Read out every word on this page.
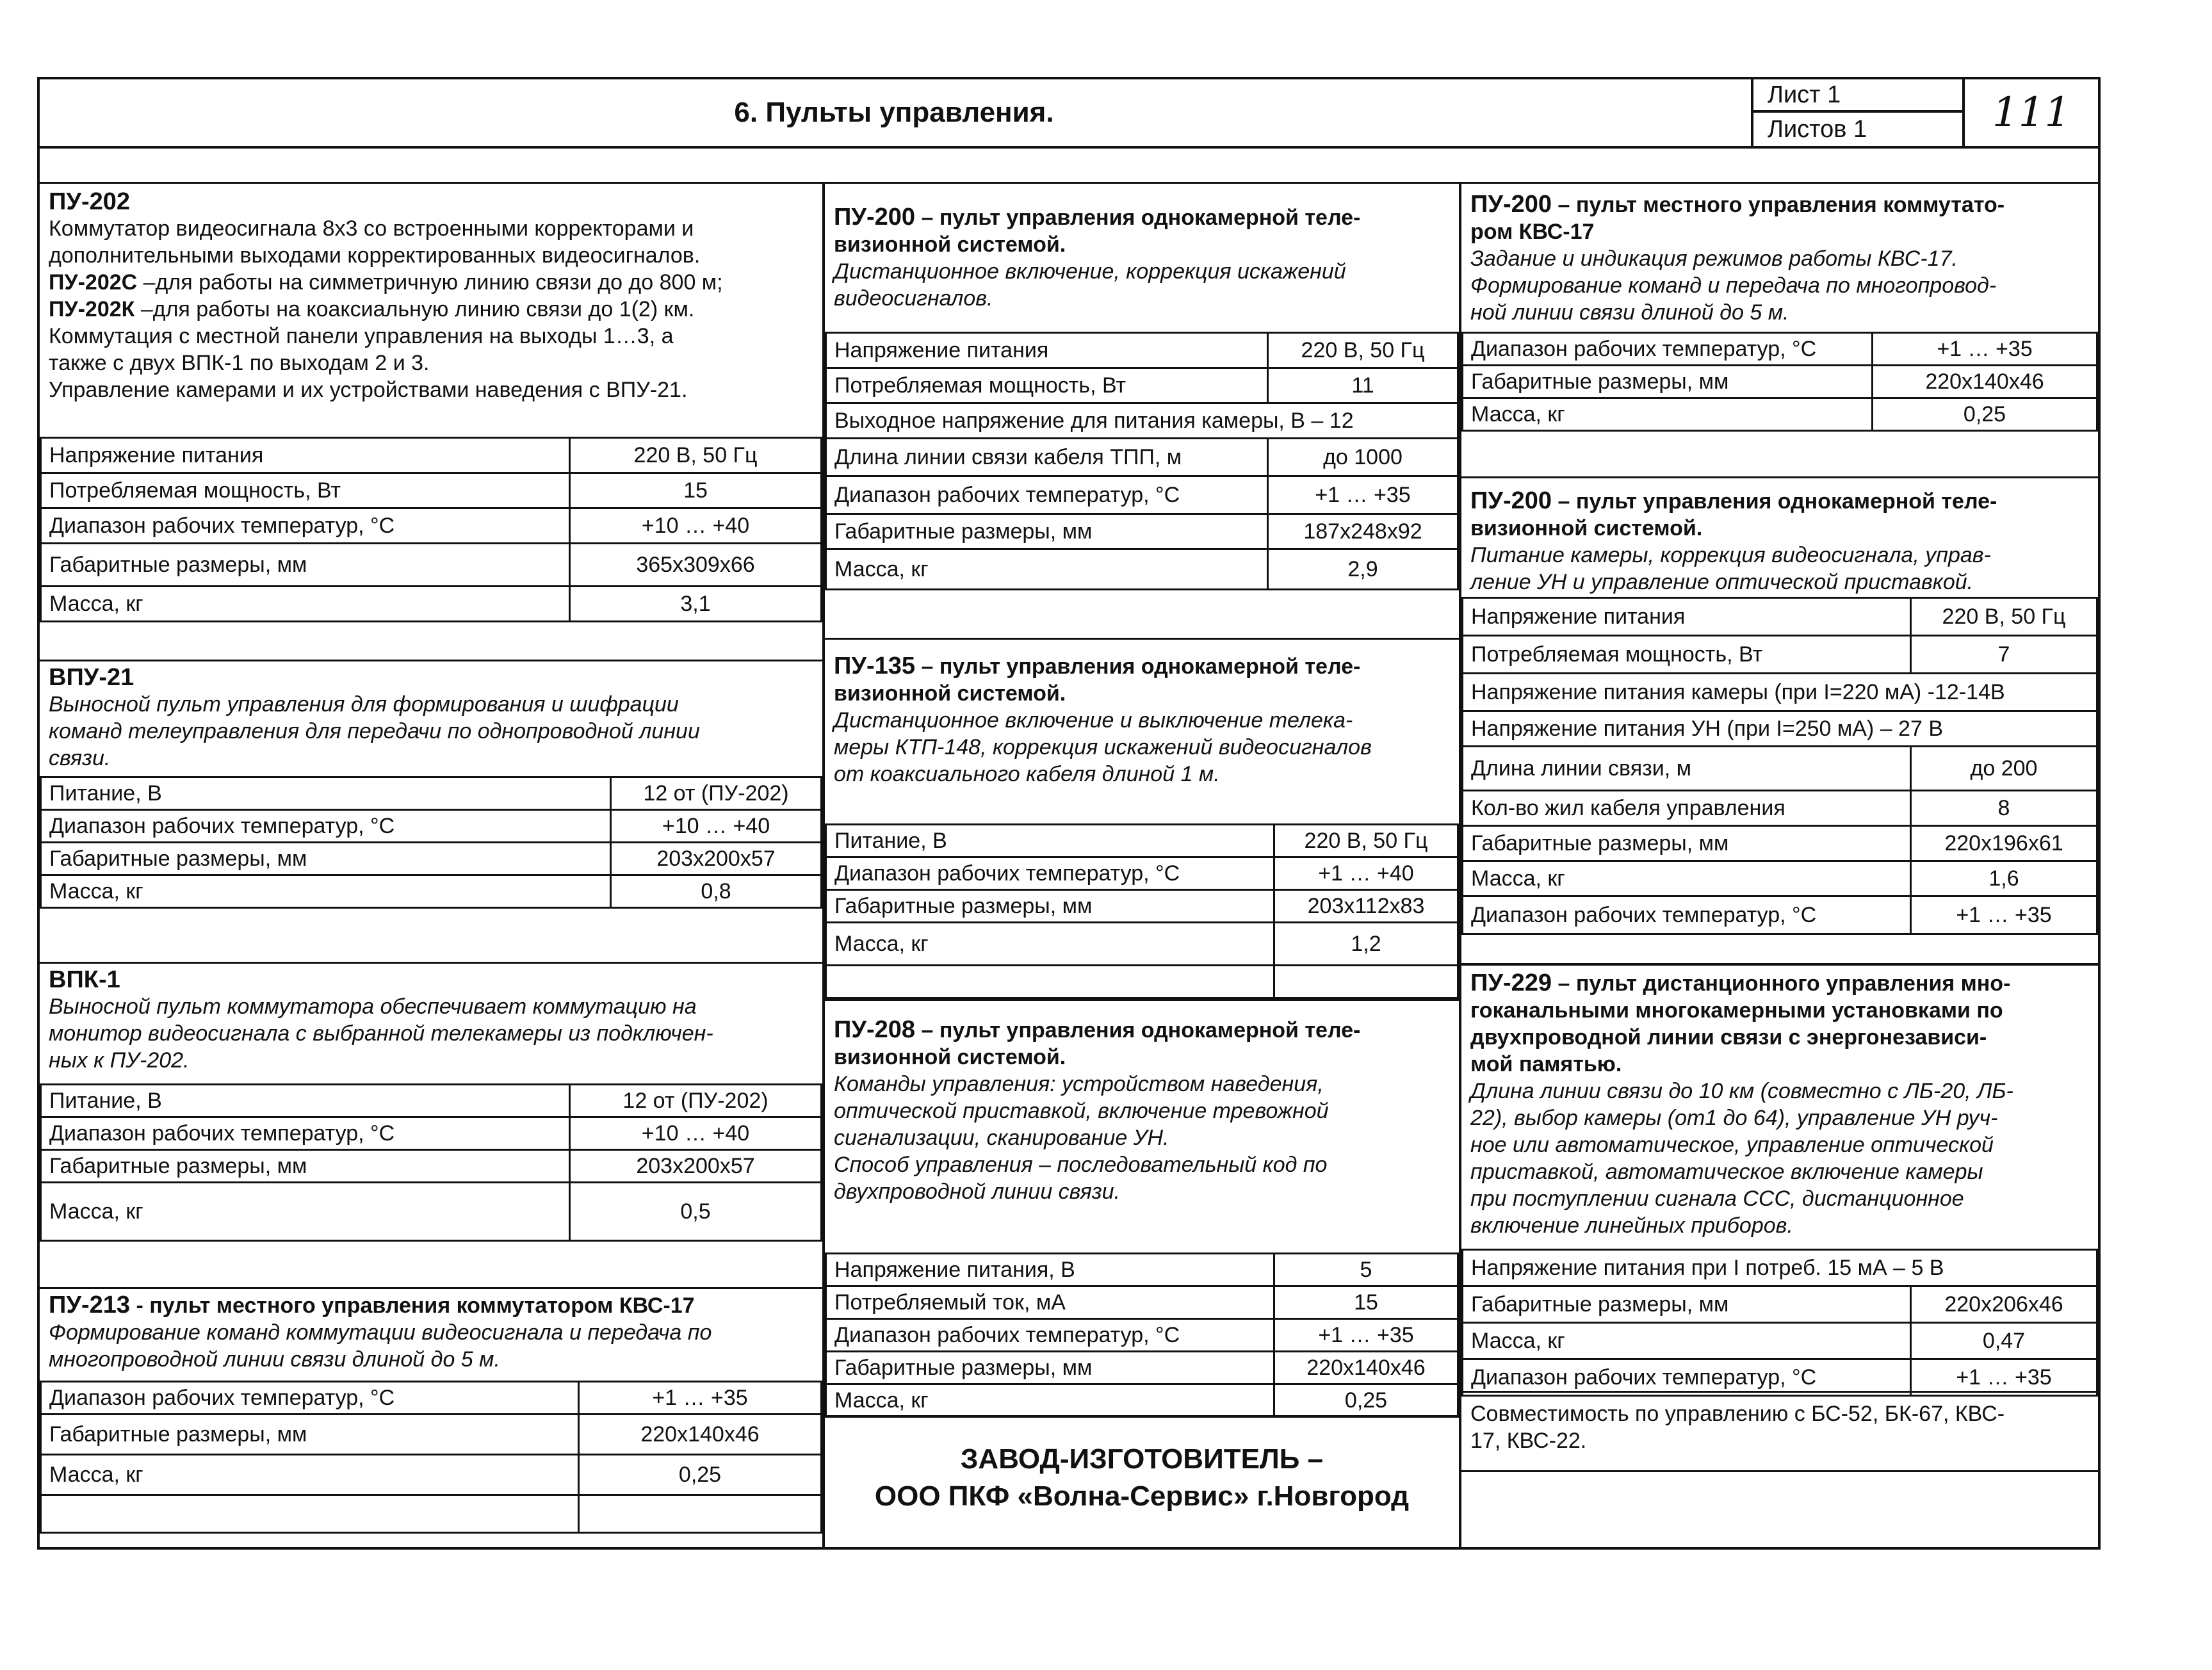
6. Пульты управления.
Лист 1
Листов 1	111
ПУ-202
Коммутатор видеосигнала 8х3 со встроенными корректорами и
дополнительными выходами корректированных видеосигналов.
ПУ-202С –для работы на симметричную линию связи до до 800 м;
ПУ-202К –для работы на коаксиальную линию связи до 1(2) км.
Коммутация с местной панели управления на выходы 1…3, а
также с двух ВПК-1 по выходам 2 и 3.
Управление камерами и их устройствами наведения с ВПУ-21.
Напряжение питания	220 В, 50 Гц
Потребляемая мощность, Вт	15
Диапазон рабочих температур, °С	+10 … +40
Габаритные размеры, мм	365х309х66
Масса, кг	3,1
ВПУ-21
Выносной пульт управления для формирования и шифрации
команд телеуправления для передачи по однопроводной линии
связи.
Питание, В	12 от (ПУ-202)
Диапазон рабочих температур, °С	+10 … +40
Габаритные размеры, мм	203х200х57
Масса, кг	0,8
ВПК-1
Выносной пульт коммутатора обеспечивает коммутацию на
монитор видеосигнала с выбранной телекамеры из подключен-
ных к ПУ-202.
Питание, В	12 от (ПУ-202)
Диапазон рабочих температур, °С	+10 … +40
Габаритные размеры, мм	203х200х57
Масса, кг	0,5
ПУ-213 - пульт местного управления коммутатором КВС-17
Формирование команд коммутации видеосигнала и передача по
многопроводной линии связи длиной до 5 м.
Диапазон рабочих температур, °С	+1 … +35
Габаритные размеры, мм	220х140х46
Масса, кг	0,25

ПУ-200 – пульт управления однокамерной теле-
визионной системой.
Дистанционное включение, коррекция искажений
видеосигналов.
Напряжение питания	220 В, 50 Гц
Потребляемая мощность, Вт	11
Выходное напряжение для питания камеры, В – 12	
Длина линии связи кабеля ТПП, м	до 1000
Диапазон рабочих температур, °С	+1 … +35
Габаритные размеры, мм	187х248х92
Масса, кг	2,9
ПУ-135 – пульт управления однокамерной теле-
визионной системой.
Дистанционное включение и выключение телека-
меры КТП-148, коррекция искажений видеосигналов
от коаксиального кабеля длиной 1 м.
Питание, В	220 В, 50 Гц
Диапазон рабочих температур, °С	+1 … +40
Габаритные размеры, мм	203х112х83
Масса, кг	1,2

ПУ-208 – пульт управления однокамерной теле-
визионной системой.
Команды управления: устройством наведения,
оптической приставкой, включение тревожной
сигнализации, сканирование УН.
Способ управления – последовательный код по
двухпроводной линии связи.
Напряжение питания, В	5
Потребляемый ток, мА	15
Диапазон рабочих температур, °С	+1 … +35
Габаритные размеры, мм	220х140х46
Масса, кг	0,25
ЗАВОД-ИЗГОТОВИТЕЛЬ –
ООО ПКФ «Волна-Сервис» г.Новгород
ПУ-200 – пульт местного управления коммутато-
ром КВС-17
Задание и индикация режимов работы КВС-17.
Формирование команд и передача по многопровод-
ной линии связи длиной до 5 м.
Диапазон рабочих температур, °С	+1 … +35
Габаритные размеры, мм	220х140х46
Масса, кг	0,25
ПУ-200 – пульт управления однокамерной теле-
визионной системой.
Питание камеры, коррекция видеосигнала, управ-
ление УН и управление оптической приставкой.
Напряжение питания	220 В, 50 Гц
Потребляемая мощность, Вт	7
Напряжение питания камеры (при I=220 мА) -12-14В	
Напряжение питания УН (при I=250 мА) – 27 В	
Длина линии связи, м	до 200
Кол-во жил кабеля управления	8
Габаритные размеры, мм	220х196х61
Масса, кг	1,6
Диапазон рабочих температур, °С	+1 … +35
ПУ-229 – пульт дистанционного управления мно-
гоканальными многокамерными установками по
двухпроводной линии связи с энергонезависи-
мой памятью.
Длина линии связи до 10 км (совместно с ЛБ-20, ЛБ-
22), выбор камеры (от1 до 64), управление УН руч-
ное или автоматическое, управление оптической
приставкой, автоматическое включение камеры
при поступлении сигнала ССС, дистанционное
включение линейных приборов.
Напряжение питания при I потреб. 15 мА – 5 В	
Габаритные размеры, мм	220х206х46
Масса, кг	0,47
Диапазон рабочих температур, °С	+1 … +35
Совместимость по управлению с БС-52, БК-67, КВС-
17, КВС-22.
